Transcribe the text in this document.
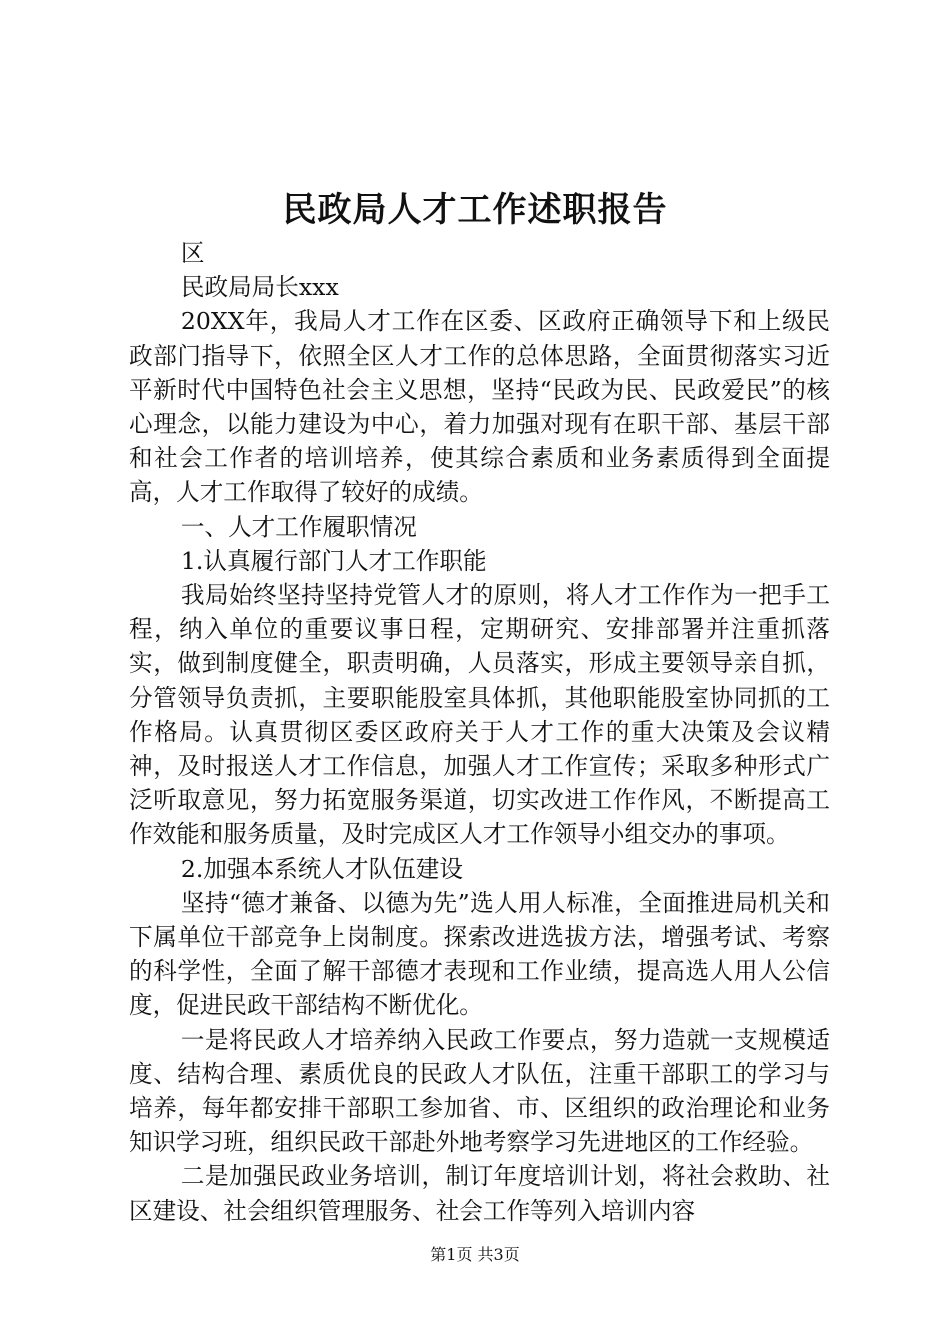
民政局人才工作述职报告

区

民政局局长xxx

20XX年，我局人才工作在区委、区政府正确领导下和上级民政部门指导下，依照全区人才工作的总体思路，全面贯彻落实习近平新时代中国特色社会主义思想，坚持“民政为民、民政爱民”的核心理念，以能力建设为中心，着力加强对现有在职干部、基层干部和社会工作者的培训培养，使其综合素质和业务素质得到全面提高，人才工作取得了较好的成绩。

一、人才工作履职情况

1.认真履行部门人才工作职能

我局始终坚持坚持党管人才的原则，将人才工作作为一把手工程，纳入单位的重要议事日程，定期研究、安排部署并注重抓落实，做到制度健全，职责明确，人员落实，形成主要领导亲自抓，分管领导负责抓，主要职能股室具体抓，其他职能股室协同抓的工作格局。认真贯彻区委区政府关于人才工作的重大决策及会议精神，及时报送人才工作信息，加强人才工作宣传；采取多种形式广泛听取意见，努力拓宽服务渠道，切实改进工作作风，不断提高工作效能和服务质量，及时完成区人才工作领导小组交办的事项。

2.加强本系统人才队伍建设

坚持“德才兼备、以德为先”选人用人标准，全面推进局机关和下属单位干部竞争上岗制度。探索改进选拔方法，增强考试、考察的科学性，全面了解干部德才表现和工作业绩，提高选人用人公信度，促进民政干部结构不断优化。

一是将民政人才培养纳入民政工作要点，努力造就一支规模适度、结构合理、素质优良的民政人才队伍，注重干部职工的学习与培养，每年都安排干部职工参加省、市、区组织的政治理论和业务知识学习班，组织民政干部赴外地考察学习先进地区的工作经验。

二是加强民政业务培训，制订年度培训计划，将社会救助、社区建设、社会组织管理服务、社会工作等列入培训内容

第1页 共3页
